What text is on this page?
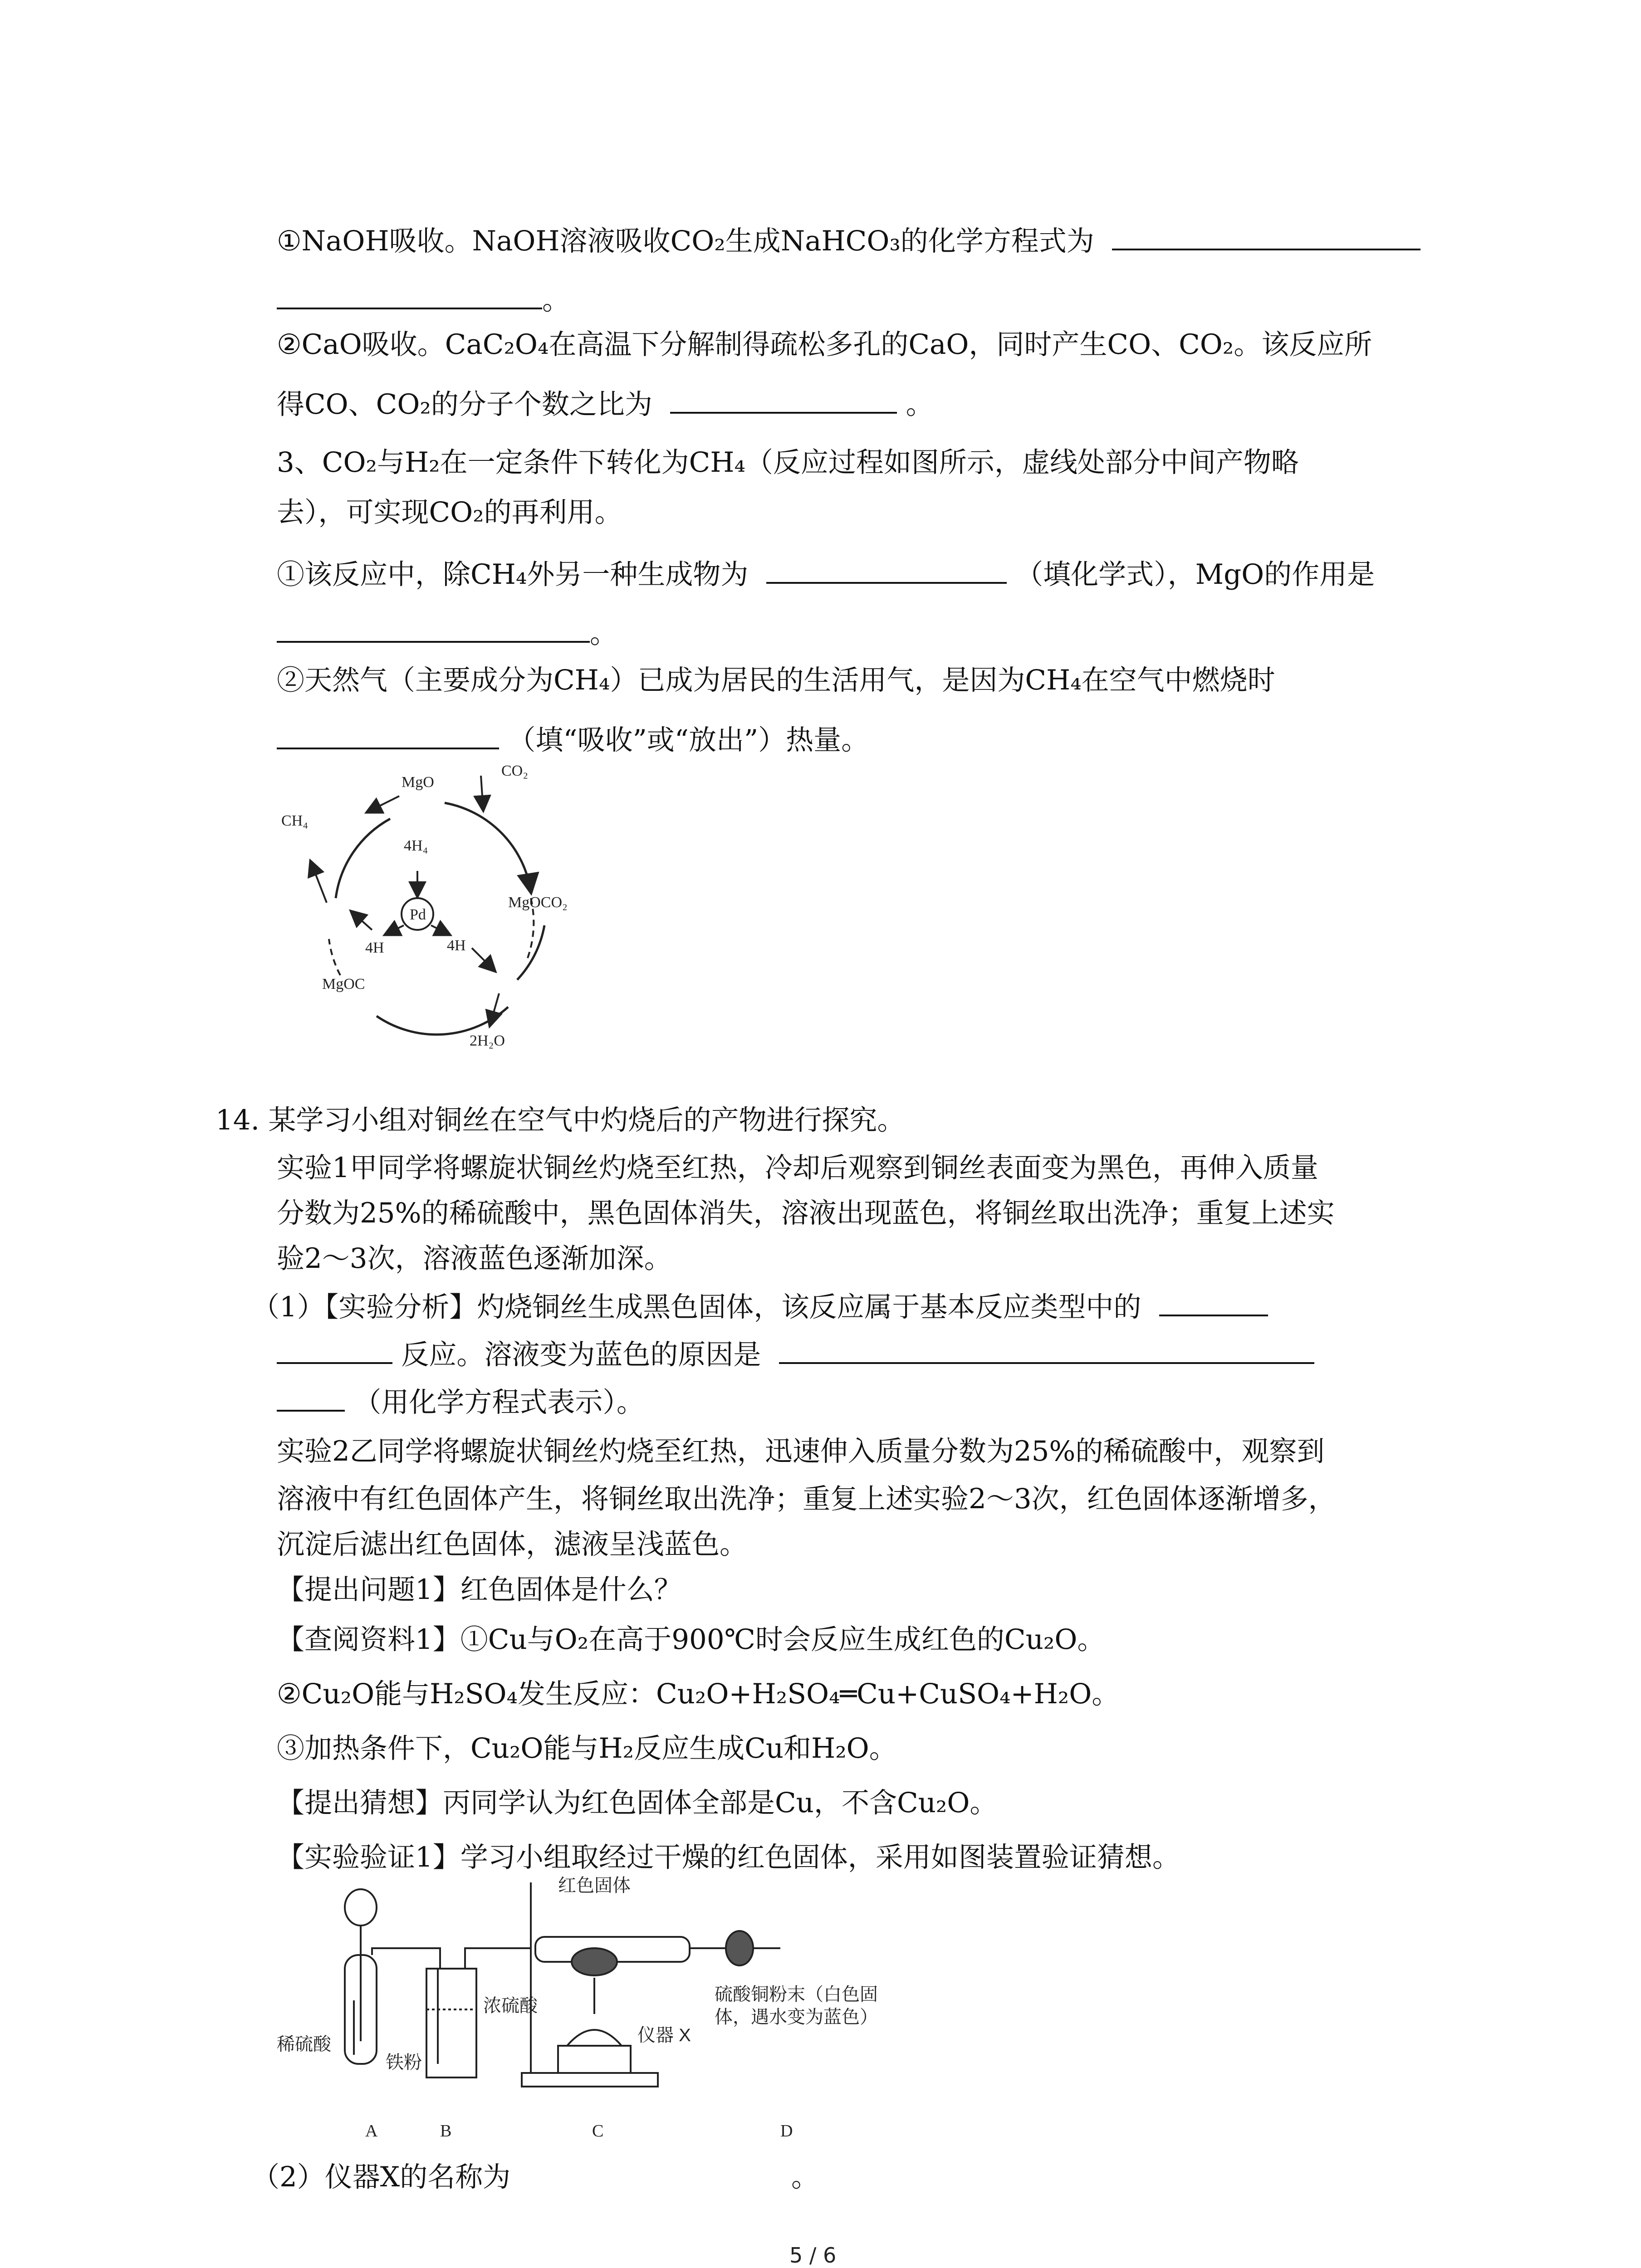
①NaOH吸收。NaOH溶液吸收CO₂生成NaHCO₃的化学方程式为
。
②CaO吸收。CaC₂O₄在高温下分解制得疏松多孔的CaO，同时产生CO、CO₂。该反应所
得CO、CO₂的分子个数之比为	。
3、CO₂与H₂在一定条件下转化为CH₄（反应过程如图所示，虚线处部分中间产物略
去），可实现CO₂的再利用。
①该反应中，除CH₄外另一种生成物为	（填化学式），MgO的作用是
。
②天然气（主要成分为CH₄）已成为居民的生活用气，是因为CH₄在空气中燃烧时
（填“吸收”或“放出”）热量。
CH₄
MgO
CO₂
4H₄
Pd
MgOCO₂
4H	4H
MgOC
2H₂O
14. 某学习小组对铜丝在空气中灼烧后的产物进行探究。
实验1甲同学将螺旋状铜丝灼烧至红热，冷却后观察到铜丝表面变为黑色，再伸入质量
分数为25%的稀硫酸中，黑色固体消失，溶液出现蓝色，将铜丝取出洗净；重复上述实
验2～3次，溶液蓝色逐渐加深。
（1）【实验分析】灼烧铜丝生成黑色固体，该反应属于基本反应类型中的
反应。溶液变为蓝色的原因是
（用化学方程式表示）。
实验2乙同学将螺旋状铜丝灼烧至红热，迅速伸入质量分数为25%的稀硫酸中，观察到
溶液中有红色固体产生，将铜丝取出洗净；重复上述实验2～3次，红色固体逐渐增多，
沉淀后滤出红色固体，滤液呈浅蓝色。
【提出问题1】红色固体是什么？
【查阅资料1】①Cu与O₂在高于900℃时会反应生成红色的Cu₂O。
②Cu₂O能与H₂SO₄发生反应：Cu₂O+H₂SO₄═Cu+CuSO₄+H₂O。
③加热条件下，Cu₂O能与H₂反应生成Cu和H₂O。
【提出猜想】丙同学认为红色固体全部是Cu，不含Cu₂O。
【实验验证1】学习小组取经过干燥的红色固体，采用如图装置验证猜想。
红色固体
浓硫酸
稀硫酸
铁粉
仪器 X
硫酸铜粉末（白色固
体，遇水变为蓝色）
A	B	C	D
（2）仪器X的名称为	。
5 / 6
